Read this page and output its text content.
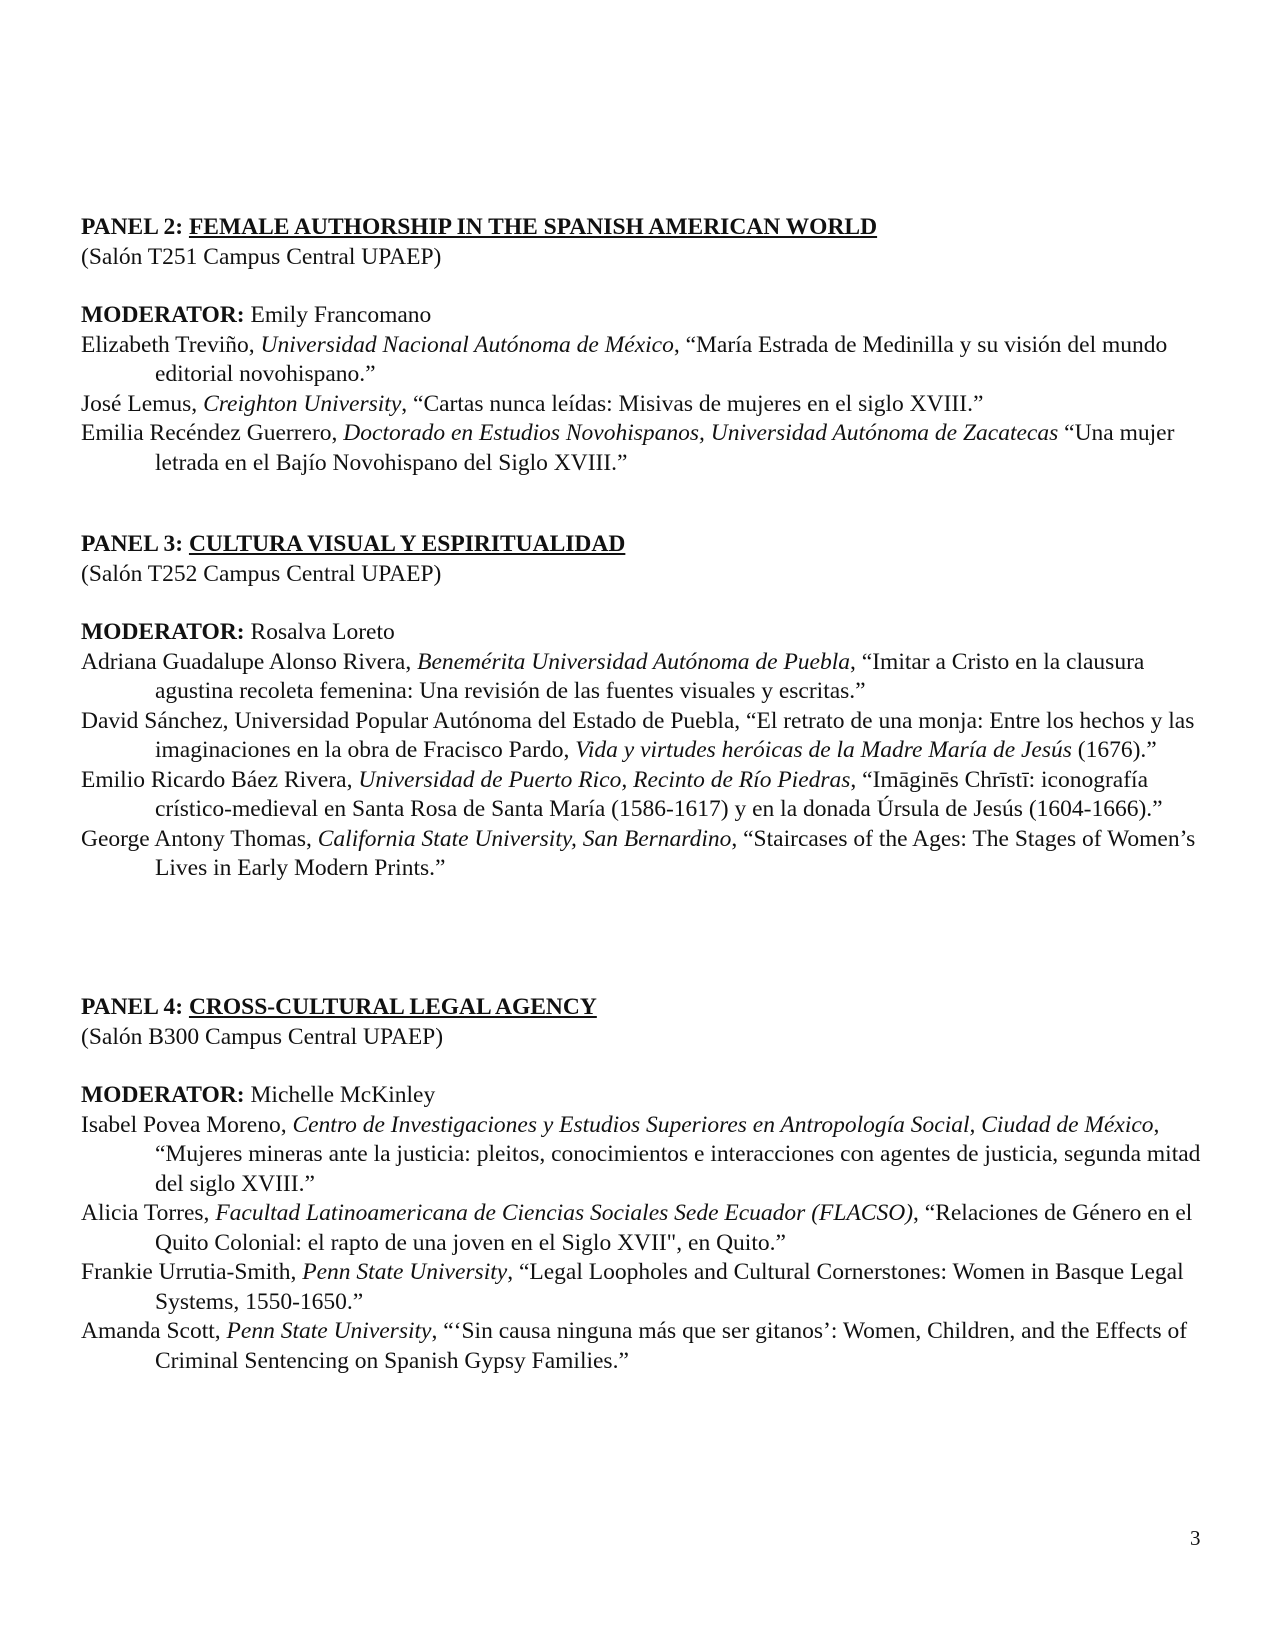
PANEL 2: FEMALE AUTHORSHIP IN THE SPANISH AMERICAN WORLD

(Salón T251 Campus Central UPAEP)

MODERATOR: Emily Francomano

Elizabeth Treviño, Universidad Nacional Autónoma de México, “María Estrada de Medinilla y su visión del mundo editorial novohispano.”

José Lemus, Creighton University, “Cartas nunca leídas: Misivas de mujeres en el siglo XVIII.”

Emilia Recéndez Guerrero, Doctorado en Estudios Novohispanos, Universidad Autónoma de Zacatecas “Una mujer letrada en el Bajío Novohispano del Siglo XVIII.”

PANEL 3: CULTURA VISUAL Y ESPIRITUALIDAD

(Salón T252 Campus Central UPAEP)

MODERATOR: Rosalva Loreto

Adriana Guadalupe Alonso Rivera, Benemérita Universidad Autónoma de Puebla, “Imitar a Cristo en la clausura agustina recoleta femenina: Una revisión de las fuentes visuales y escritas.”

David Sánchez, Universidad Popular Autónoma del Estado de Puebla, “El retrato de una monja: Entre los hechos y las imaginaciones en la obra de Fracisco Pardo, Vida y virtudes heróicas de la Madre María de Jesús (1676).”

Emilio Ricardo Báez Rivera, Universidad de Puerto Rico, Recinto de Río Piedras, “Imāginēs Chrīstī: iconografía crístico-medieval en Santa Rosa de Santa María (1586-1617) y en la donada Úrsula de Jesús (1604-1666).”

George Antony Thomas, California State University, San Bernardino, “Staircases of the Ages: The Stages of Women’s Lives in Early Modern Prints.”

PANEL 4: CROSS-CULTURAL LEGAL AGENCY

(Salón B300 Campus Central UPAEP)

MODERATOR: Michelle McKinley

Isabel Povea Moreno, Centro de Investigaciones y Estudios Superiores en Antropología Social, Ciudad de México, “Mujeres mineras ante la justicia: pleitos, conocimientos e interacciones con agentes de justicia, segunda mitad del siglo XVIII.”

Alicia Torres, Facultad Latinoamericana de Ciencias Sociales Sede Ecuador (FLACSO), “Relaciones de Género en el Quito Colonial: el rapto de una joven en el Siglo XVII", en Quito.”

Frankie Urrutia-Smith, Penn State University, “Legal Loopholes and Cultural Cornerstones: Women in Basque Legal Systems, 1550-1650.”

Amanda Scott, Penn State University, “‘Sin causa ninguna más que ser gitanos’: Women, Children, and the Effects of Criminal Sentencing on Spanish Gypsy Families.”

3
